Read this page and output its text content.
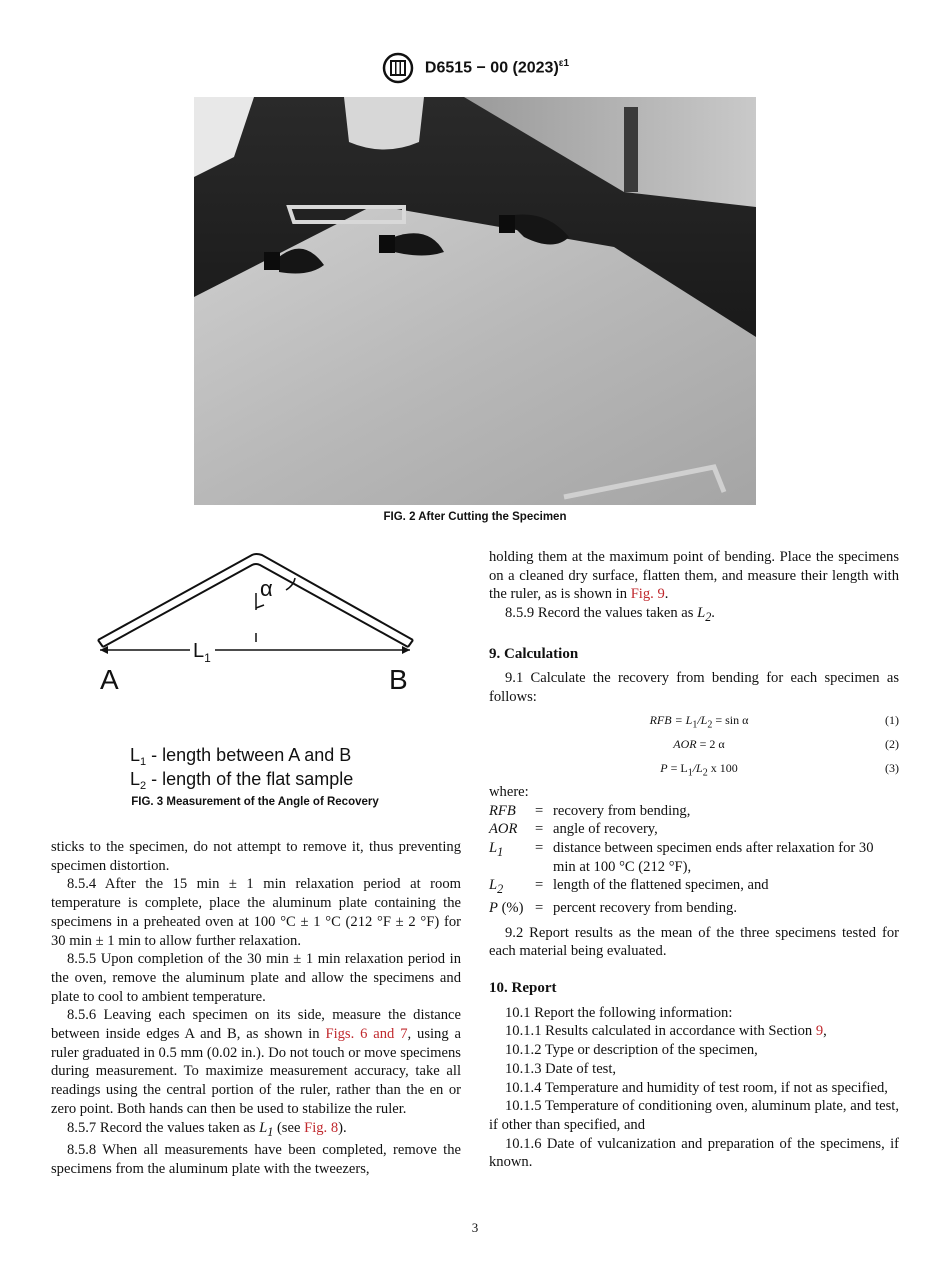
D6515 − 00 $(2023)^{\varepsilon 1}$
FIG. 2 After Cutting the Specimen
α
$L_1$
A	B
$L_1$ - length between A and B
$L_2$ - length of the flat sample
FIG. 3 Measurement of the Angle of Recovery

sticks to the specimen, do not attempt to remove it, thus preventing specimen distortion.

8.5.4 After the 15 min ± 1 min relaxation period at room temperature is complete, place the aluminum plate containing the specimens in a preheated oven at 100 °C ± 1 °C (212 °F ± 2 °F) for 30 min ± 1 min to allow further relaxation.

8.5.5 Upon completion of the 30 min ± 1 min relaxation period in the oven, remove the aluminum plate and allow the specimens and plate to cool to ambient temperature.

8.5.6 Leaving each specimen on its side, measure the distance between inside edges A and B, as shown in Figs. 6 and 7, using a ruler graduated in 0.5 mm (0.02 in.). Do not touch or move specimens during measurement. To maximize measurement accuracy, take all readings using the central portion of the ruler, rather than the en or zero point. Both hands can then be used to stabilize the ruler.

8.5.7 Record the values taken as $L_1$ (see Fig. 8).

8.5.8 When all measurements have been completed, remove the specimens from the aluminum plate with the tweezers,

holding them at the maximum point of bending. Place the specimens on a cleaned dry surface, flatten them, and measure their length with the ruler, as is shown in Fig. 9.

8.5.9 Record the values taken as $L_2$.

9. Calculation

9.1 Calculate the recovery from bending for each specimen as follows:

RFB = $L_1/L_2 = \sin \alpha$	(1)
AOR = 2 α	(2)
$P = L_1/L_2$ x 100	(3)

where:

RFB	= recovery from bending,
AOR	= angle of recovery,
$L_1$	= distance between specimen ends after relaxation for 30 min at 100 °C (212 °F),
$L_2$	= length of the flattened specimen, and
P (%) = percent recovery from bending.

9.2 Report results as the mean of the three specimens tested for each material being evaluated.

10. Report

10.1 Report the following information:

10.1.1 Results calculated in accordance with Section 9,

10.1.2 Type or description of the specimen,

10.1.3 Date of test,

10.1.4 Temperature and humidity of test room, if not as specified,

10.1.5 Temperature of conditioning oven, aluminum plate, and test, if other than specified, and

10.1.6 Date of vulcanization and preparation of the specimens, if known.

3
